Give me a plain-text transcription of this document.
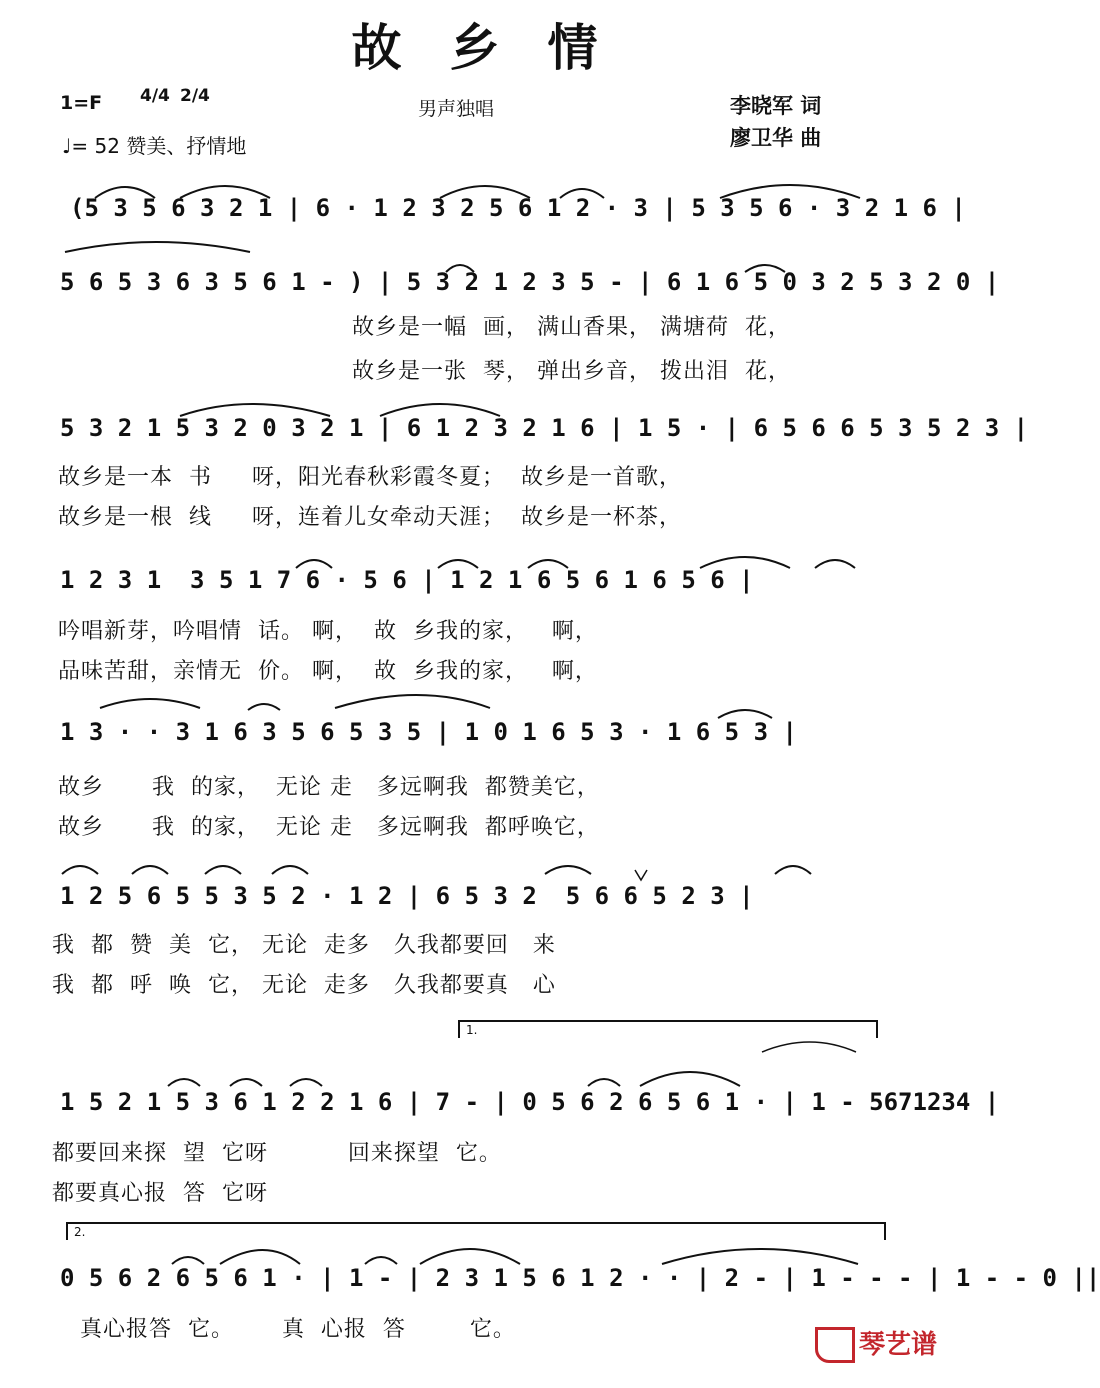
故乡情
1=F 4/4 2/4
♩= 52 赞美、抒情地
男声独唱	李晓军 词
廖卫华 曲
(5 3 5 6 3 2 1 | 6 · 1 2 3 2 5 6 1 2 · 3 | 5 3 5 6 · 3 2 1 6 |
5 6 5 3 6 3 5 6 1 - ) | 5 3 2 1 2 3 5 - | 6 1 6 5 0 3 2 5 3 2 0 |
故乡是一幅  画， 满山香果， 满塘荷  花，
故乡是一张  琴， 弹出乡音， 拨出泪  花，
5 3 2 1 5 3 2 0 3 2 1 | 6 1 2 3 2 1 6 | 1 5 · | 6 5 6 6 5 3 5 2 3 |
故乡是一本  书     呀，阳光春秋彩霞冬夏；  故乡是一首歌，
故乡是一根  线     呀，连着儿女牵动天涯；  故乡是一杯茶，
1 2 3 1  3 5 1 7 6 · 5 6 | 1 2 1 6 5 6 1 6 5 6 |
吟唱新芽，吟唱情  话。 啊，  故  乡我的家，   啊，
品味苦甜，亲情无  价。 啊，  故  乡我的家，   啊，
1 3 · · 3 1 6 3 5 6 5 3 5 | 1 0 1 6 5 3 · 1 6 5 3 |
故乡      我  的家，  无论 走   多远啊我  都赞美它，
故乡      我  的家，  无论 走   多远啊我  都呼唤它，
1 2 5 6 5 5 3 5 2 · 1 2 | 6 5 3 2  5 6 6 5 2 3 |
我  都  赞  美  它， 无论  走多   久我都要回   来
我  都  呼  唤  它， 无论  走多   久我都要真   心
1.
1 5 2 1 5 3 6 1 2 2 1 6 | 7 - | 0 5 6 2 6 5 6 1 · | 1 - 5671234 |
都要回来探  望  它呀          回来探望  它。
都要真心报  答  它呀
2.
0 5 6 2 6 5 6 1 · | 1 - | 2 3 1 5 6 1 2 · · | 2 - | 1 - - - | 1 - - 0 ||
真心报答  它。      真  心报  答        它。	琴艺谱
